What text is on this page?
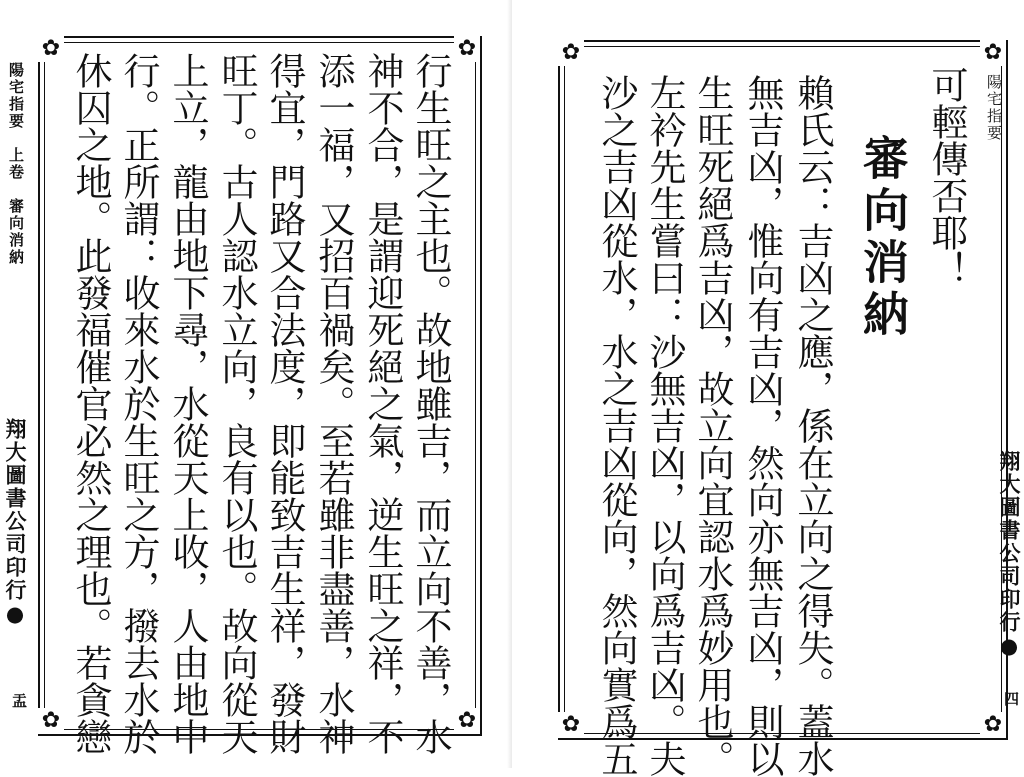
陽宅指要　上卷　審向消納
翔大圖書公司印行●
盂
✿	✿
✿	✿
行生旺之主也。故地雖吉，而立向不善，水
神不合，是謂迎死絕之氣，逆生旺之祥，不
添一福，又招百禍矣。至若雖非盡善，水神
得宜，門路又合法度，即能致吉生祥，發財
旺丁。古人認水立向，良有以也。故向從天
上立，龍由地下尋，水從天上收，人由地中
行。正所謂：收來水於生旺之方，撥去水於
休囚之地。此發福催官必然之理也。若貪戀	陽宅指要
翔大圖書公司印行●
四
✿	✿
✿	✿
可輕傳否耶！
審向消納
賴氏云：吉凶之應，係在立向之得失。蓋水
無吉凶，惟向有吉凶，然向亦無吉凶，則以
生旺死絕爲吉凶，故立向宜認水爲妙用也。
左衿先生嘗曰：沙無吉凶，以向爲吉凶。夫
沙之吉凶從水，水之吉凶從向，然向實爲五
